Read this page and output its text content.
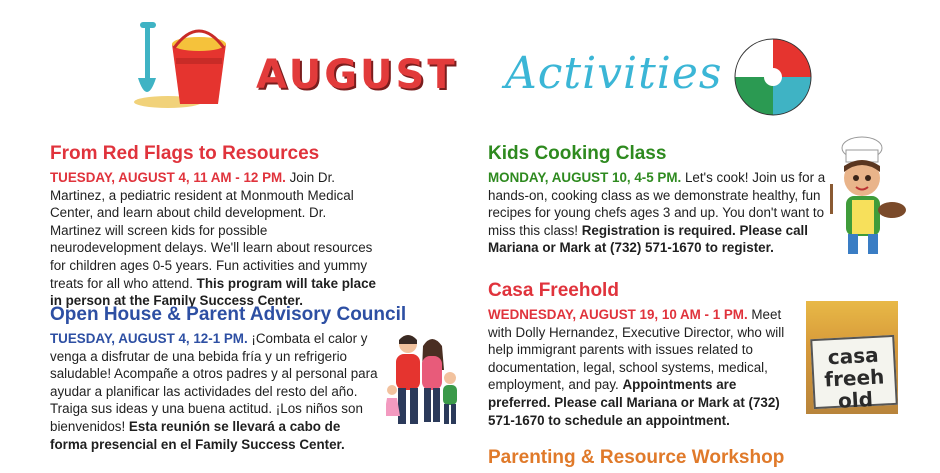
AUGUST Activities
From Red Flags to Resources

TUESDAY, AUGUST 4, 11 AM - 12 PM. Join Dr. Martinez, a pediatric resident at Monmouth Medical Center, and learn about child development. Dr. Martinez will screen kids for possible neurodevelopment delays. We'll learn about resources for children ages 0-5 years. Fun activities and yummy treats for all who attend. This program will take place in person at the Family Success Center.

Open House & Parent Advisory Council

TUESDAY, AUGUST 4, 12-1 PM. ¡Combata el calor y venga a disfrutar de una bebida fría y un refrigerio saludable! Acompañe a otros padres y al personal para ayudar a planificar las actividades del resto del año. Traiga sus ideas y una buena actitud. ¡Los niños son bienvenidos! Esta reunión se llevará a cabo de forma presencial en el Family Success Center.

Kids Cooking Class

MONDAY, AUGUST 10, 4-5 PM. Let's cook! Join us for a hands-on, cooking class as we demonstrate healthy, fun recipes for young chefs ages 3 and up. You don't want to miss this class! Registration is required. Please call Mariana or Mark at (732) 571-1670 to register.

Casa Freehold

WEDNESDAY, AUGUST 19, 10 AM - 1 PM. Meet with Dolly Hernandez, Executive Director, who will help immigrant parents with issues related to documentation, legal, school systems, medical, employment, and pay. Appointments are preferred. Please call Mariana or Mark at (732) 571-1670 to schedule an appointment.

casa freehold
Parenting & Resource Workshop
